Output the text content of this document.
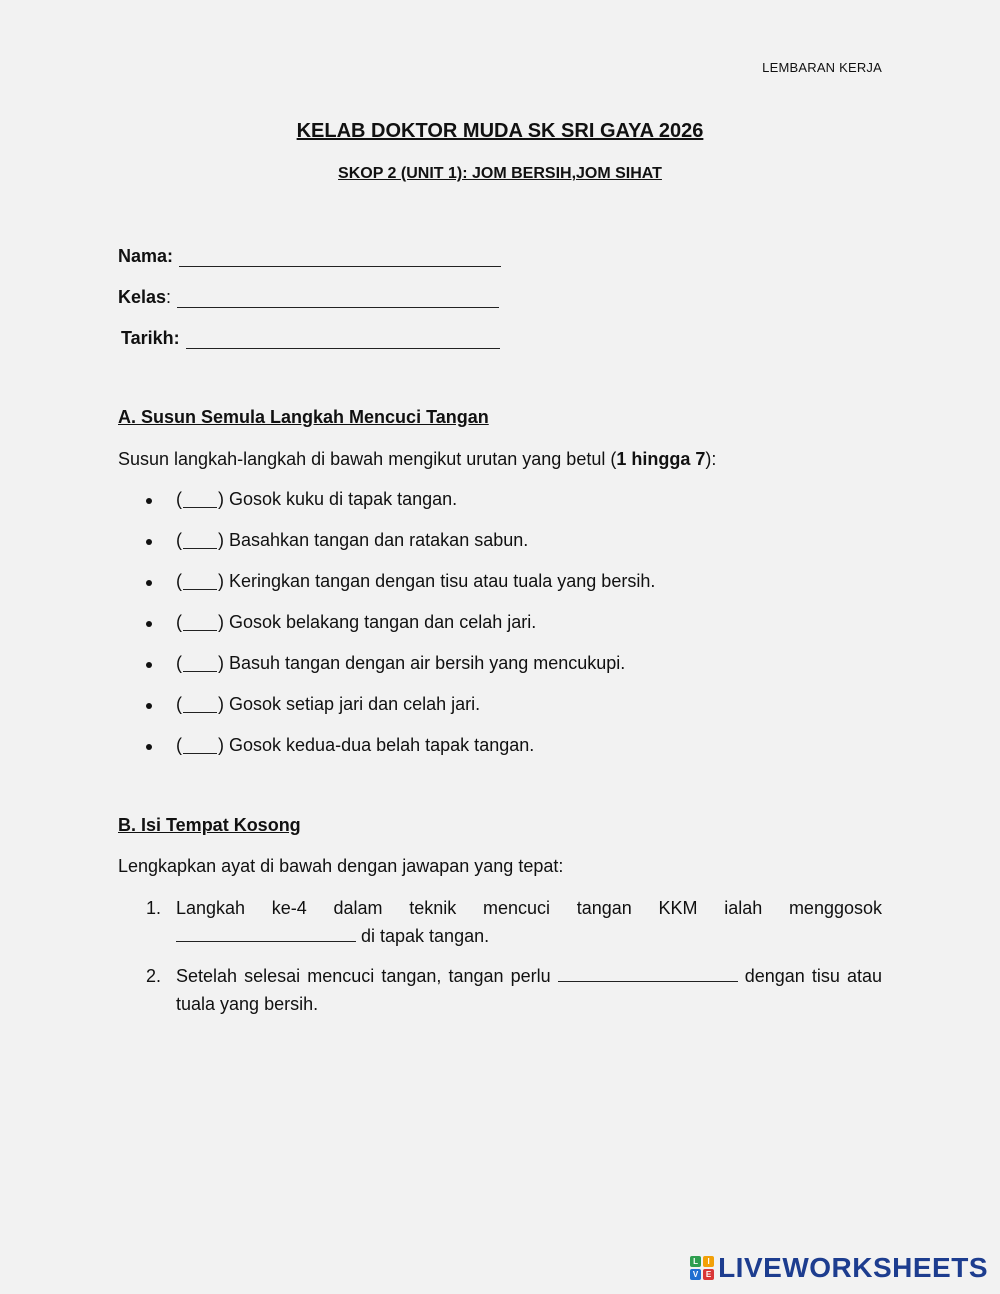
LEMBARAN KERJA
KELAB DOKTOR MUDA SK SRI GAYA 2026
SKOP 2 (UNIT 1): JOM BERSIH,JOM SIHAT
Nama:
Kelas :
Tarikh:
A. Susun Semula Langkah Mencuci Tangan
Susun langkah-langkah di bawah mengikut urutan yang betul (1 hingga 7):
( )
Gosok kuku di tapak tangan.
( )
Basahkan tangan dan ratakan sabun.
( )
Keringkan tangan dengan tisu atau tuala yang bersih.
( )
Gosok belakang tangan dan celah jari.
( )
Basuh tangan dengan air bersih yang mencukupi.
( )
Gosok setiap jari dan celah jari.
( )
Gosok kedua-dua belah tapak tangan.
B. Isi Tempat Kosong
Lengkapkan ayat di bawah dengan jawapan yang tepat:
1. Langkah ke-4 dalam teknik mencuci tangan KKM ialah menggosok
di tapak tangan.
2. Setelah selesai mencuci tangan, tangan perlu	dengan tisu atau
tuala yang bersih.
L	I
V E LIVEWORKSHEETS
